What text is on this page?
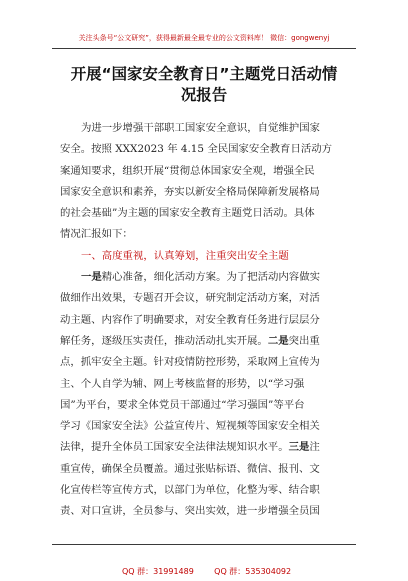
关注头条号“公文研究”，获得最新最全最专业的公文资料库！ 微信：gongwenyj
开展“国家安全教育日”主题党日活动情
况报告
为进一步增强干部职工国家安全意识，自觉维护国家
安全。按照 XXX2023 年 4.15 全民国家安全教育日活动方
案通知要求，组织开展“贯彻总体国家安全观，增强全民
国家安全意识和素养，夯实以新安全格局保障新发展格局
的社会基础”为主题的国家安全教育主题党日活动。具体
情况汇报如下：
一、高度重视，认真筹划，注重突出安全主题
一是精心准备，细化活动方案。为了把活动内容做实
做细作出效果，专题召开会议，研究制定活动方案，对活
动主题、内容作了明确要求，对安全教育任务进行层层分
解任务，逐级压实责任，推动活动扎实开展。二是突出重
点，抓牢安全主题。针对疫情防控形势，采取网上宣传为
主、个人自学为辅、网上考核监督的形势，以“学习强
国”为平台，要求全体党员干部通过“学习强国”等平台
学习《国家安全法》公益宣传片、短视频等国家安全相关
法律，提升全体员工国家安全法律法规知识水平。三是注
重宣传，确保全员覆盖。通过张贴标语、微信、报刊、文
化宣传栏等宣传方式，以部门为单位，化整为零、结合职
责、对口宣讲，全员参与、突出实效，进一步增强全员国

QQ 群：31991489        QQ 群：535304092
